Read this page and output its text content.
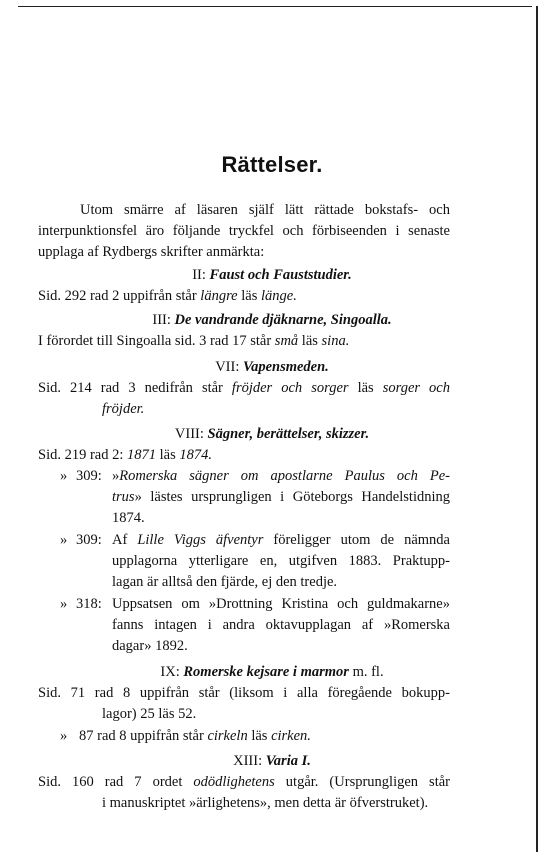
Rättelser.
Utom smärre af läsaren själf lätt rättade bokstafs- och
interpunktionsfel äro följande tryckfel och förbiseenden i senaste
upplaga af Rydbergs skrifter anmärkta:
II: Faust och Fauststudier.
Sid. 292 rad 2 uppifrån står längre läs länge.
III: De vandrande djäknarne, Singoalla.
I förordet till Singoalla sid. 3 rad 17 står små läs sina.
VII: Vapensmeden.
Sid. 214 rad 3 nedifrån står fröjder och sorger läs sorger och
fröjder.
VIII: Sägner, berättelser, skizzer.
Sid. 219 rad 2: 1871 läs 1874.
» 309: »Romerska sägner om apostlarne Paulus och Pe-
trus» lästes ursprungligen i Göteborgs Handelstidning
1874.
» 309: Af Lille Viggs äfventyr föreligger utom de nämnda
upplagorna ytterligare en, utgifven 1883. Praktupp-
lagan är alltså den fjärde, ej den tredje.
» 318: Uppsatsen om »Drottning Kristina och guldmakarne»
fanns intagen i andra oktavupplagan af »Romerska
dagar» 1892.
IX: Romerske kejsare i marmor m. fl.
Sid. 71 rad 8 uppifrån står (liksom i alla föregående bokupp-
lagor) 25 läs 52.
» 87 rad 8 uppifrån står cirkeln läs cirken.
XIII: Varia I.
Sid. 160 rad 7 ordet odödlighetens utgår. (Ursprungligen står
i manuskriptet »ärlighetens», men detta är öfverstruket).
